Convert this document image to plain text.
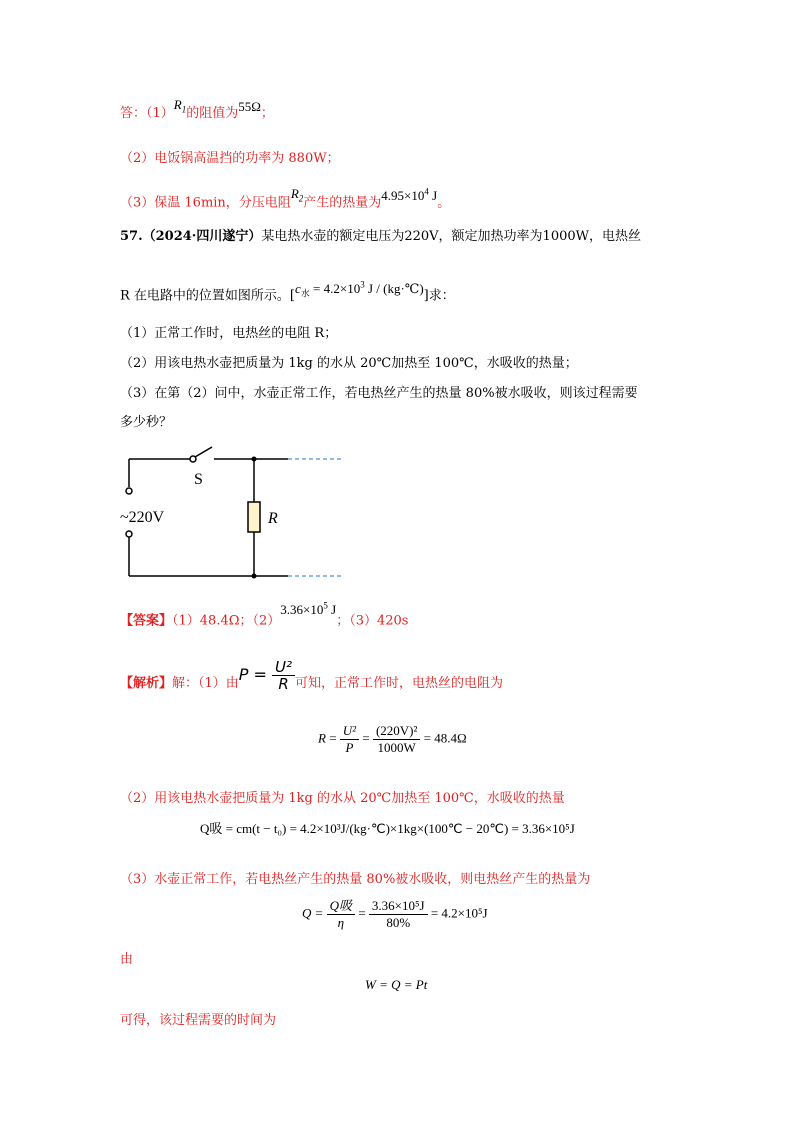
答：$(1)R_1$的阻值为55Ω；
（2）电饭锅高温挡的功率为 880W；
（3）保温 16min，分压电阻$R_2$产生的热量为$4.95\times 10^4$ J。
57.（2024·四川遂宁）某电热水壶的额定电压为220V，额定加热功率为1000W，电热丝
R 在电路中的位置如图所示。[$c_水 = 4.2\times 10^3$ J / (kg·℃)]求：
（1）正常工作时，电热丝的电阻 R；
（2）用该电热水壶把质量为 1kg 的水从 20℃加热至 100℃，水吸收的热量；
（3）在第（2）问中，水壶正常工作，若电热丝产生的热量 80%被水吸收，则该过程需要
多少秒？
S
~220V	R
【答案】（1）48.4Ω；$(2)3.36\times 10^5$ J；（3）420s
【解析】解：（1）由$P = \frac{\text{U²}}{R}$ 可知，正常工作时，电热丝的电阻为
$R = \frac{\text{U²}}{P} = \frac{\text{(220V)²}}{1000W} = 48.4\Omega$
（2）用该电热水壶把质量为 1kg 的水从 20℃加热至 100℃，水吸收的热量
Q吸 = cm(t − t₀) = 4.2×10³J/(kg·℃)×1kg×(100℃ − 20℃) = 3.36×10⁵J
（3）水壶正常工作，若电热丝产生的热量 80%被水吸收，则电热丝产生的热量为
$Q = \frac{\text{Q吸}}{\eta} = \frac{\text{3.36×10⁵J}}{80\%} = 4.2\times 10^5J$
由
W = Q = Pt
可得，该过程需要的时间为
